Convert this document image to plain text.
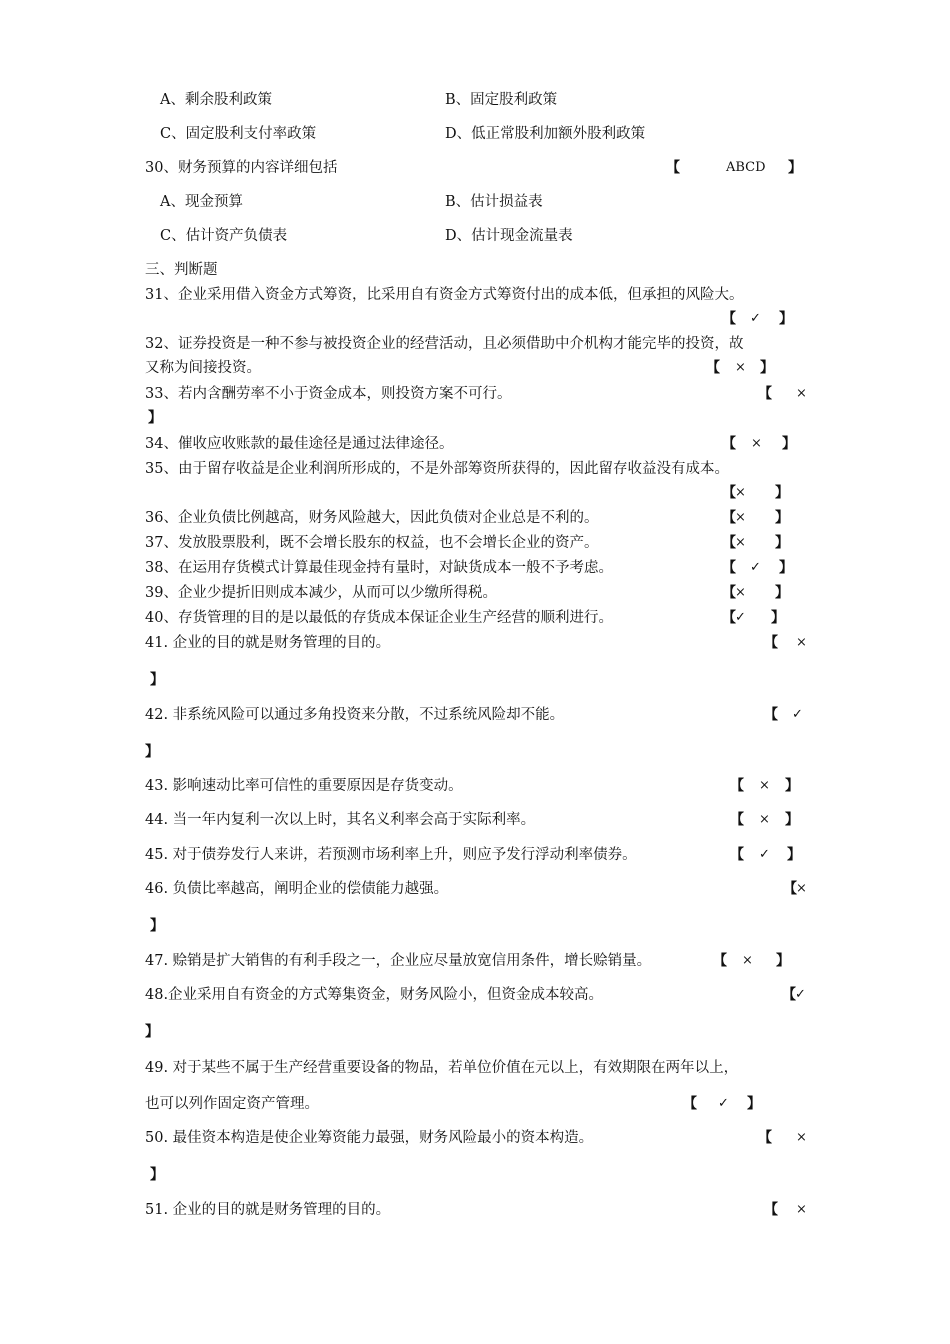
A、剩余股利政策	B、固定股利政策
C、固定股利支付率政策	D、低正常股利加额外股利政策
30、财务预算的内容详细包括	【	ABCD 】
A、现金预算	B、估计损益表
C、估计资产负债表	D、估计现金流量表
三、判断题
31、企业采用借入资金方式筹资，比采用自有资金方式筹资付出的成本低，但承担的风险大。
【 ✓ 】
32、证券投资是一种不参与被投资企业的经营活动，且必须借助中介机构才能完毕的投资，故
又称为间接投资。	【 × 】
33、若内含酬劳率不小于资金成本，则投资方案不可行。	【 ×
】
34、催收应收账款的最佳途径是通过法律途径。	【 × 】
35、由于留存收益是企业利润所形成的，不是外部筹资所获得的，因此留存收益没有成本。
【 × 】
36、企业负债比例越高，财务风险越大，因此负债对企业总是不利的。	【 × 】
37、发放股票股利，既不会增长股东的权益，也不会增长企业的资产。	【 × 】
38、在运用存货模式计算最佳现金持有量时，对缺货成本一般不予考虑。	【 ✓ 】
39、企业少提折旧则成本减少，从而可以少缴所得税。	【 × 】
40、存货管理的目的是以最低的存货成本保证企业生产经营的顺利进行。	【 ✓ 】
41. 企业的目的就是财务管理的目的。	【 ×
】
42. 非系统风险可以通过多角投资来分散，不过系统风险却不能。	【 ✓
】
43. 影响速动比率可信性的重要原因是存货变动。	【 × 】
44. 当一年内复利一次以上时，其名义利率会高于实际利率。	【 × 】
45. 对于债券发行人来讲，若预测市场利率上升，则应予发行浮动利率债券。	【 ✓ 】
46. 负债比率越高，阐明企业的偿债能力越强。	【 ×
】
47. 赊销是扩大销售的有利手段之一，企业应尽量放宽信用条件，增长赊销量。	【 × 】
48.企业采用自有资金的方式筹集资金，财务风险小，但资金成本较高。	【 ✓
】
49. 对于某些不属于生产经营重要设备的物品，若单位价值在元以上，有效期限在两年以上，
也可以列作固定资产管理。	【 ✓ 】
50. 最佳资本构造是使企业筹资能力最强，财务风险最小的资本构造。	【 ×
】
51. 企业的目的就是财务管理的目的。	【 ×
